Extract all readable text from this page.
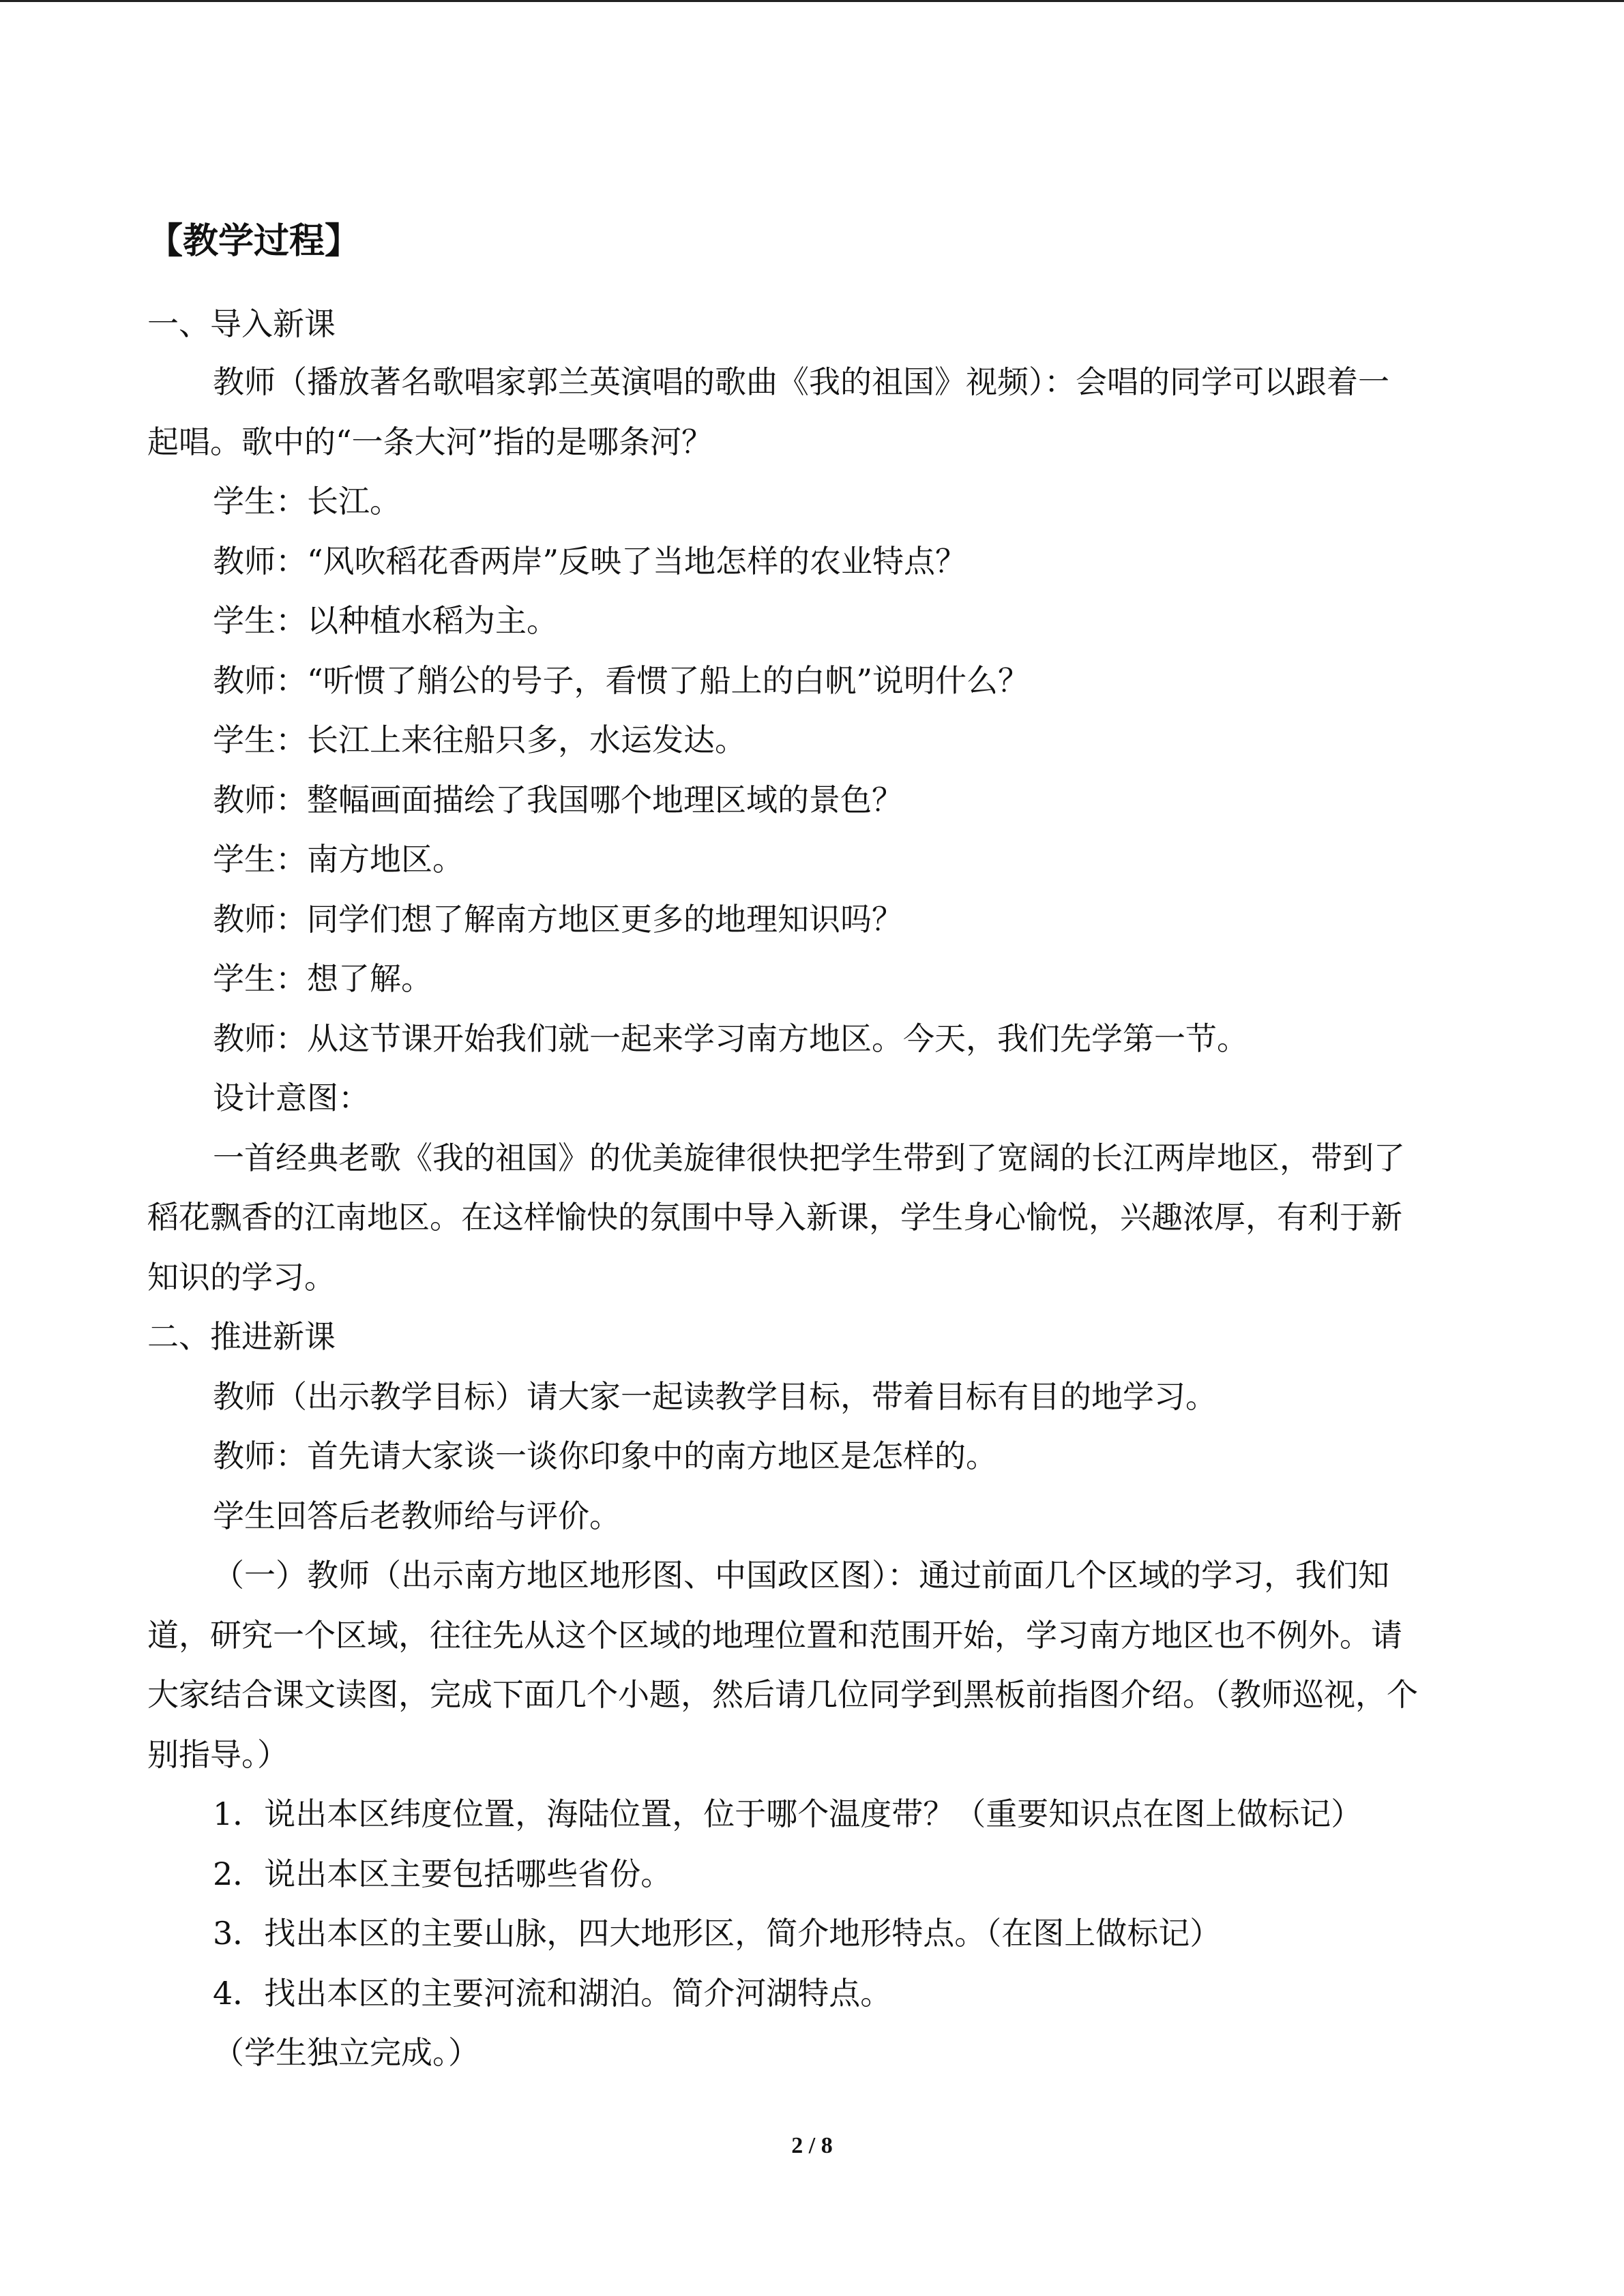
【教学过程】
一、导入新课
教师（播放著名歌唱家郭兰英演唱的歌曲《我的祖国》视频）：会唱的同学可以跟着一
起唱。歌中的“一条大河”指的是哪条河？
学生：长江。
教师：“风吹稻花香两岸”反映了当地怎样的农业特点？
学生：以种植水稻为主。
教师：“听惯了艄公的号子，看惯了船上的白帆”说明什么？
学生：长江上来往船只多，水运发达。
教师：整幅画面描绘了我国哪个地理区域的景色？
学生：南方地区。
教师：同学们想了解南方地区更多的地理知识吗？
学生：想了解。
教师：从这节课开始我们就一起来学习南方地区。今天，我们先学第一节。
设计意图：
一首经典老歌《我的祖国》的优美旋律很快把学生带到了宽阔的长江两岸地区，带到了
稻花飘香的江南地区。在这样愉快的氛围中导入新课，学生身心愉悦，兴趣浓厚，有利于新
知识的学习。
二、推进新课
教师（出示教学目标）请大家一起读教学目标，带着目标有目的地学习。
教师：首先请大家谈一谈你印象中的南方地区是怎样的。
学生回答后老教师给与评价。
（一）教师（出示南方地区地形图、中国政区图）：通过前面几个区域的学习，我们知
道，研究一个区域，往往先从这个区域的地理位置和范围开始，学习南方地区也不例外。请
大家结合课文读图，完成下面几个小题，然后请几位同学到黑板前指图介绍。（教师巡视，个
别指导。）
1．说出本区纬度位置，海陆位置，位于哪个温度带？（重要知识点在图上做标记）
2．说出本区主要包括哪些省份。
3．找出本区的主要山脉，四大地形区，简介地形特点。（在图上做标记）
4．找出本区的主要河流和湖泊。简介河湖特点。
（学生独立完成。）
2 / 8
